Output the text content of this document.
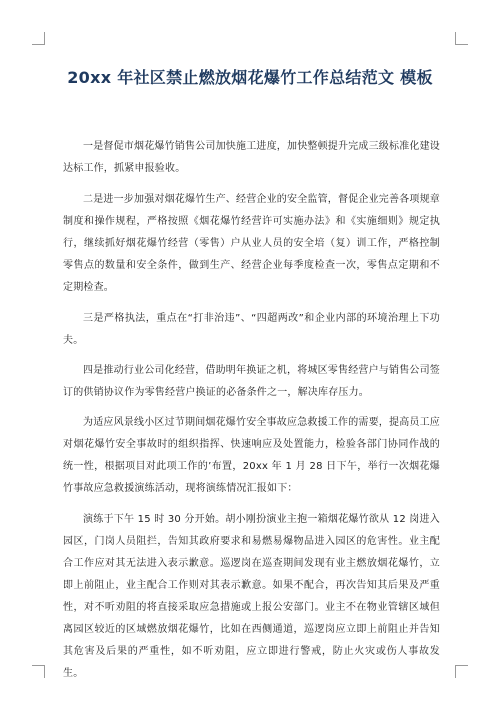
20xx 年社区禁止燃放烟花爆竹工作总结范文 模板

一是督促市烟花爆竹销售公司加快施工进度，加快整顿提升完成三级标准化建设达标工作，抓紧申报验收。

二是进一步加强对烟花爆竹生产、经营企业的安全监管，督促企业完善各项规章制度和操作规程，严格按照《烟花爆竹经营许可实施办法》和《实施细则》规定执行，继续抓好烟花爆竹经营（零售）户从业人员的安全培（复）训工作，严格控制零售点的数量和安全条件，做到生产、经营企业每季度检查一次，零售点定期和不定期检查。

三是严格执法，重点在“打非治违”、“四超两改”和企业内部的环境治理上下功夫。

四是推动行业公司化经营，借助明年换证之机，将城区零售经营户与销售公司签订的供销协议作为零售经营户换证的必备条件之一，解决库存压力。

为适应风景线小区过节期间烟花爆竹安全事故应急救援工作的需要，提高员工应对烟花爆竹安全事故时的组织指挥、快速响应及处置能力，检验各部门协同作战的统一性，根据项目对此项工作的’布置，20xx 年 1 月 28 日下午，举行一次烟花爆竹事故应急救援演练活动，现将演练情况汇报如下：

演练于下午 15 时 30 分开始。胡小刚扮演业主抱一箱烟花爆竹欲从 12 岗进入园区，门岗人员阻拦，告知其政府要求和易燃易爆物品进入园区的危害性。业主配合工作应对其无法进入表示歉意。巡逻岗在巡查期间发现有业主燃放烟花爆竹，立即上前阻止，业主配合工作则对其表示歉意。如果不配合，再次告知其后果及严重性，对不听劝阻的将直接采取应急措施或上报公安部门。业主不在物业管辖区域但离园区较近的区域燃放烟花爆竹，比如在西侧通道，巡逻岗应立即上前阻止并告知其危害及后果的严重性，如不听劝阻，应立即进行警戒，防止火灾或伤人事故发生。
